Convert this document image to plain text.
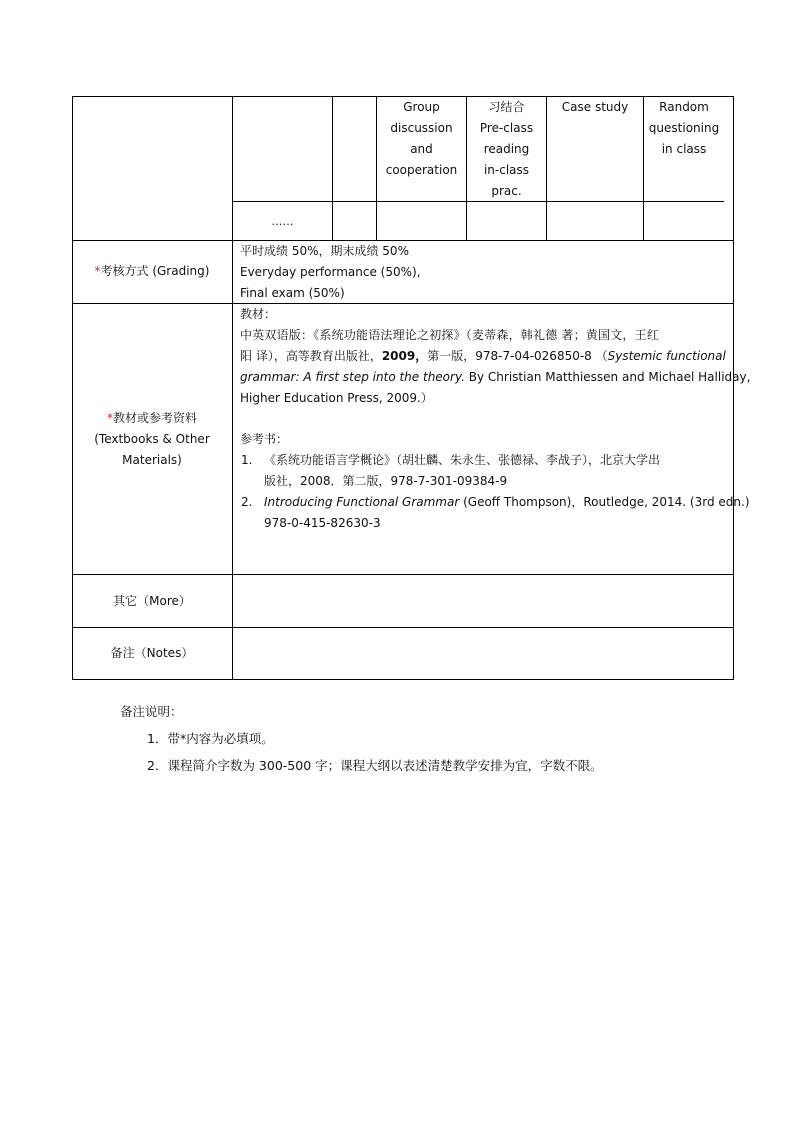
Group
discussion
and
cooperation
习结合
Pre-class
reading
in-class
prac.
Case study	Random
questioning
in class
……
*考核方式 (Grading)
平时成绩 50%，期末成绩 50%
Everyday performance (50%),
Final exam (50%)
*教材或参考资料
(Textbooks & Other
Materials)
教材：
中英双语版：《系统功能语法理论之初探》（麦蒂森，韩礼德 著；黄国文，王红
阳 译），高等教育出版社，2009，第一版，978-7-04-026850-8 （Systemic functional
grammar: A first step into the theory. By Christian Matthiessen and Michael Halliday,
Higher Education Press, 2009.）
参考书：
1. 《系统功能语言学概论》（胡壮麟、朱永生、张德禄、李战子），北京大学出
版社，2008．第二版，978-7-301-09384-9
2. Introducing Functional Grammar (Geoff Thompson)，Routledge, 2014. (3rd edn.)
978-0-415-82630-3
其它（More）
备注（Notes）
备注说明：
1．带*内容为必填项。
2．课程简介字数为 300-500 字；课程大纲以表述清楚教学安排为宜，字数不限。
